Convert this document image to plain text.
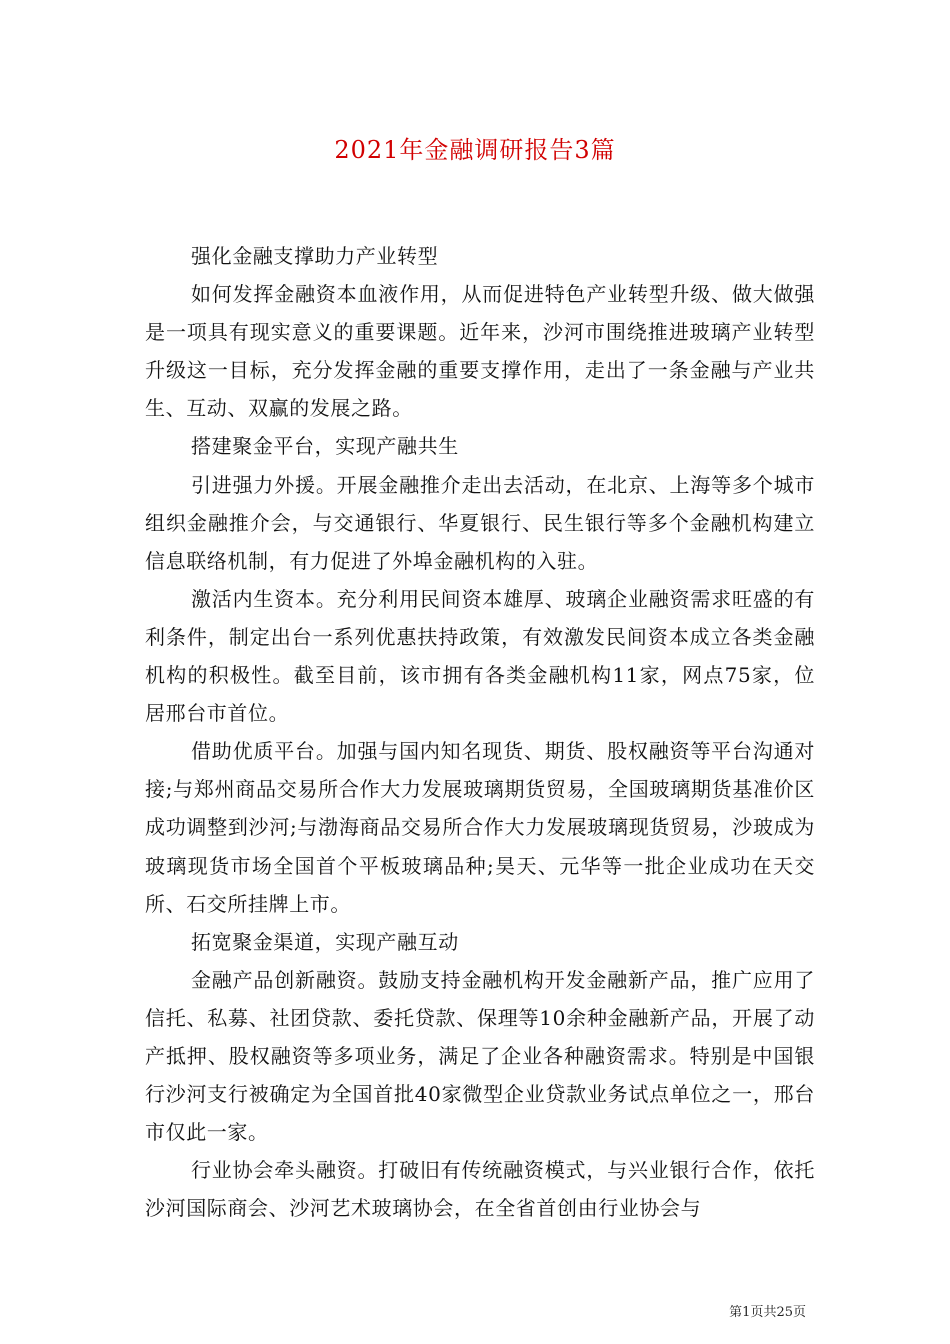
2021年金融调研报告3篇

强化金融支撑助力产业转型

如何发挥金融资本血液作用，从而促进特色产业转型升级、做大做强是一项具有现实意义的重要课题。近年来，沙河市围绕推进玻璃产业转型升级这一目标，充分发挥金融的重要支撑作用，走出了一条金融与产业共生、互动、双赢的发展之路。

搭建聚金平台，实现产融共生

引进强力外援。开展金融推介走出去活动，在北京、上海等多个城市组织金融推介会，与交通银行、华夏银行、民生银行等多个金融机构建立信息联络机制，有力促进了外埠金融机构的入驻。

激活内生资本。充分利用民间资本雄厚、玻璃企业融资需求旺盛的有利条件，制定出台一系列优惠扶持政策，有效激发民间资本成立各类金融机构的积极性。截至目前，该市拥有各类金融机构11家，网点75家，位居邢台市首位。

借助优质平台。加强与国内知名现货、期货、股权融资等平台沟通对接;与郑州商品交易所合作大力发展玻璃期货贸易，全国玻璃期货基准价区成功调整到沙河;与渤海商品交易所合作大力发展玻璃现货贸易，沙玻成为玻璃现货市场全国首个平板玻璃品种;昊天、元华等一批企业成功在天交所、石交所挂牌上市。

拓宽聚金渠道，实现产融互动

金融产品创新融资。鼓励支持金融机构开发金融新产品，推广应用了信托、私募、社团贷款、委托贷款、保理等10余种金融新产品，开展了动产抵押、股权融资等多项业务，满足了企业各种融资需求。特别是中国银行沙河支行被确定为全国首批40家微型企业贷款业务试点单位之一，邢台市仅此一家。

行业协会牵头融资。打破旧有传统融资模式，与兴业银行合作，依托沙河国际商会、沙河艺术玻璃协会，在全省首创由行业协会与

第1页共25页
